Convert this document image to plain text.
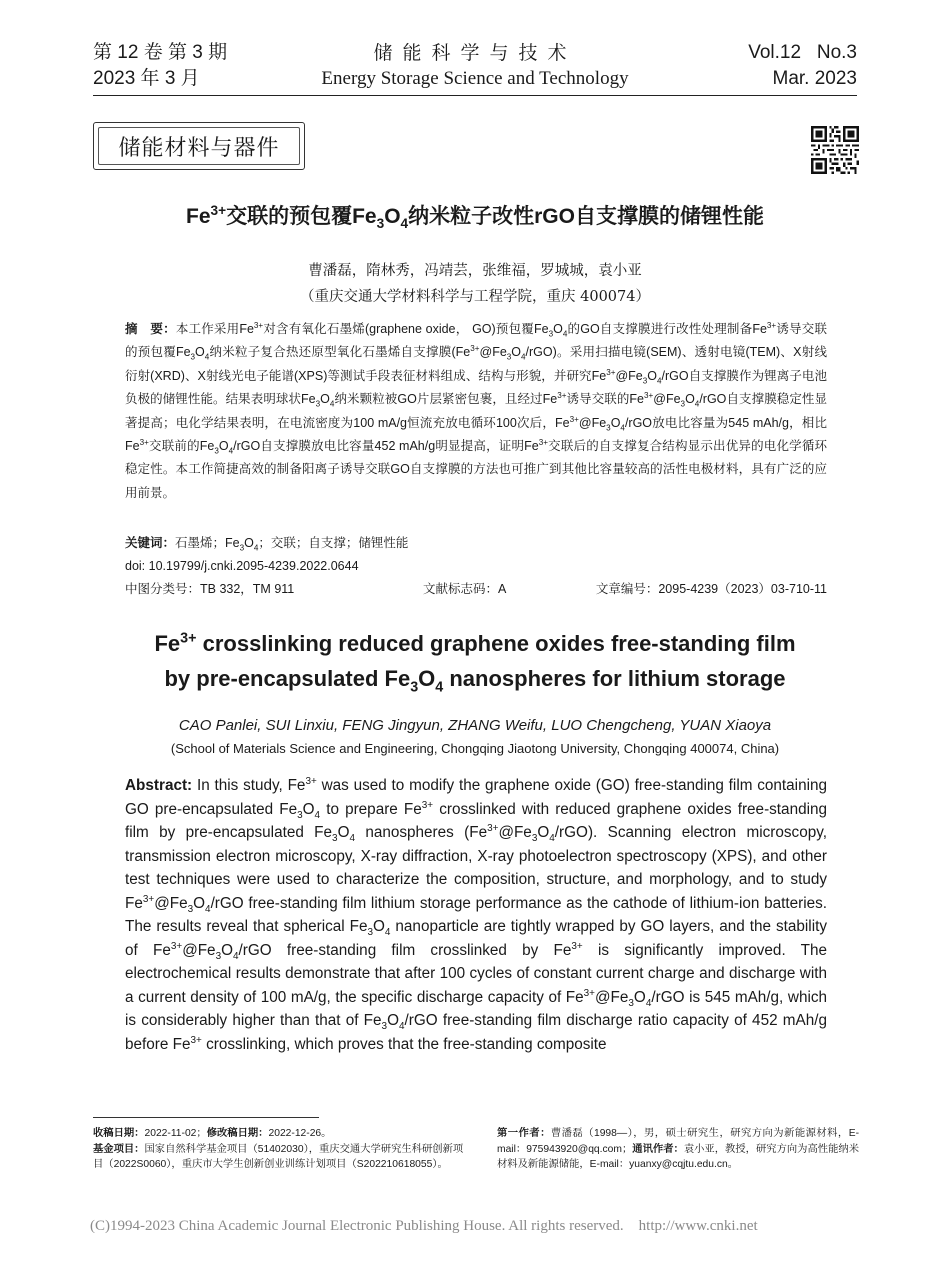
第 12 卷 第 3 期
2023 年 3 月
储能科学与技术
Energy Storage Science and Technology
Vol.12   No.3
Mar. 2023
储能材料与器件
$Fe^{3+}$交联的预包覆$Fe_3O_4$纳米粒子改性rGO自支撑膜的储锂性能
曹潘磊，隋林秀，冯靖芸，张维福，罗城城，袁小亚
（重庆交通大学材料科学与工程学院，重庆 400074）
摘　要：本工作采用$Fe^{3+}$对含有氧化石墨烯(graphene oxide， GO)预包覆$Fe_3O_4$的GO自支撑膜进行改性处理制备$Fe^{3+}$诱导交联的预包覆$Fe_3O_4$纳米粒子复合热还原型氧化石墨烯自支撑膜$(Fe^{3+}@Fe_3O_4/rGO)$。采用扫描电镜(SEM)、透射电镜(TEM)、X射线衍射(XRD)、X射线光电子能谱(XPS)等测试手段表征材料组成、结构与形貌，并研究$Fe^{3+}@Fe_3O_4$/rGO自支撑膜作为锂离子电池负极的储锂性能。结果表明球状$Fe_3O_4$纳米颗粒被GO片层紧密包裹，且经过$Fe^{3+}$诱导交联的$Fe^{3+}@Fe_3O_4$/rGO自支撑膜稳定性显著提高；电化学结果表明，在电流密度为100 mA/g恒流充放电循环100次后，$Fe^{3+}@Fe_3O_4$/rGO放电比容量为545 mAh/g，相比$Fe^{3+}$交联前的$Fe_3O_4$/rGO自支撑膜放电比容量452 mAh/g明显提高，证明$Fe^{3+}$交联后的自支撑复合结构显示出优异的电化学循环稳定性。本工作简捷高效的制备阳离子诱导交联GO自支撑膜的方法也可推广到其他比容量较高的活性电极材料，具有广泛的应用前景。
关键词：石墨烯；$Fe_3O_4$；交联；自支撑；储锂性能
doi: 10.19799/j.cnki.2095-4239.2022.0644
中图分类号：TB 332，TM 911	文献标志码：A	文章编号：2095-4239（2023）03-710-11
$Fe^{3+}$ crosslinking reduced graphene oxides free-standing film
by pre-encapsulated $Fe_3O_4$ nanospheres for lithium storage
CAO Panlei, SUI Linxiu, FENG Jingyun, ZHANG Weifu, LUO Chengcheng, YUAN Xiaoya
(School of Materials Science and Engineering, Chongqing Jiaotong University, Chongqing 400074, China)
Abstract: In this study, $Fe^{3+}$ was used to modify the graphene oxide (GO) free-standing film containing GO pre-encapsulated $Fe_3O_4$ to prepare $Fe^{3+}$ crosslinked with reduced graphene oxides free-standing film by pre-encapsulated $Fe_3O_4$ nanospheres $(Fe^{3+}@Fe_3O_4/rGO)$. Scanning electron microscopy, transmission electron microscopy, X-ray diffraction, X-ray photoelectron spectroscopy (XPS), and other test techniques were used to characterize the composition, structure, and morphology, and to study $Fe^{3+}@Fe_3O_4$/rGO free-standing film lithium storage performance as the cathode of lithium-ion batteries. The results reveal that spherical $Fe_3O_4$ nanoparticle are tightly wrapped by GO layers, and the stability of $Fe^{3+}@Fe_3O_4$/rGO free-standing film crosslinked by $Fe^{3+}$ is significantly improved. The electrochemical results demonstrate that after 100 cycles of constant current charge and discharge with a current density of 100 mA/g, the specific discharge capacity of $Fe^{3+}@Fe_3O_4$/rGO is 545 mAh/g, which is considerably higher than that of $Fe_3O_4$/rGO free-standing film discharge ratio capacity of 452 mAh/g before $Fe^{3+}$ crosslinking, which proves that the free-standing composite
收稿日期：2022-11-02；修改稿日期：2022-12-26。
基金项目：国家自然科学基金项目（51402030），重庆交通大学研究生科研创新项目（2022S0060），重庆市大学生创新创业训练计划项目（S202210618055）。
第一作者：曹潘磊（1998—），男，硕士研究生，研究方向为新能源材料，E-mail：975943920@qq.com；通讯作者：袁小亚，教授，研究方向为高性能纳米材料及新能源储能，E-mail：yuanxy@cqjtu.edu.cn。
(C)1994-2023 China Academic Journal Electronic Publishing House. All rights reserved.    http://www.cnki.net
